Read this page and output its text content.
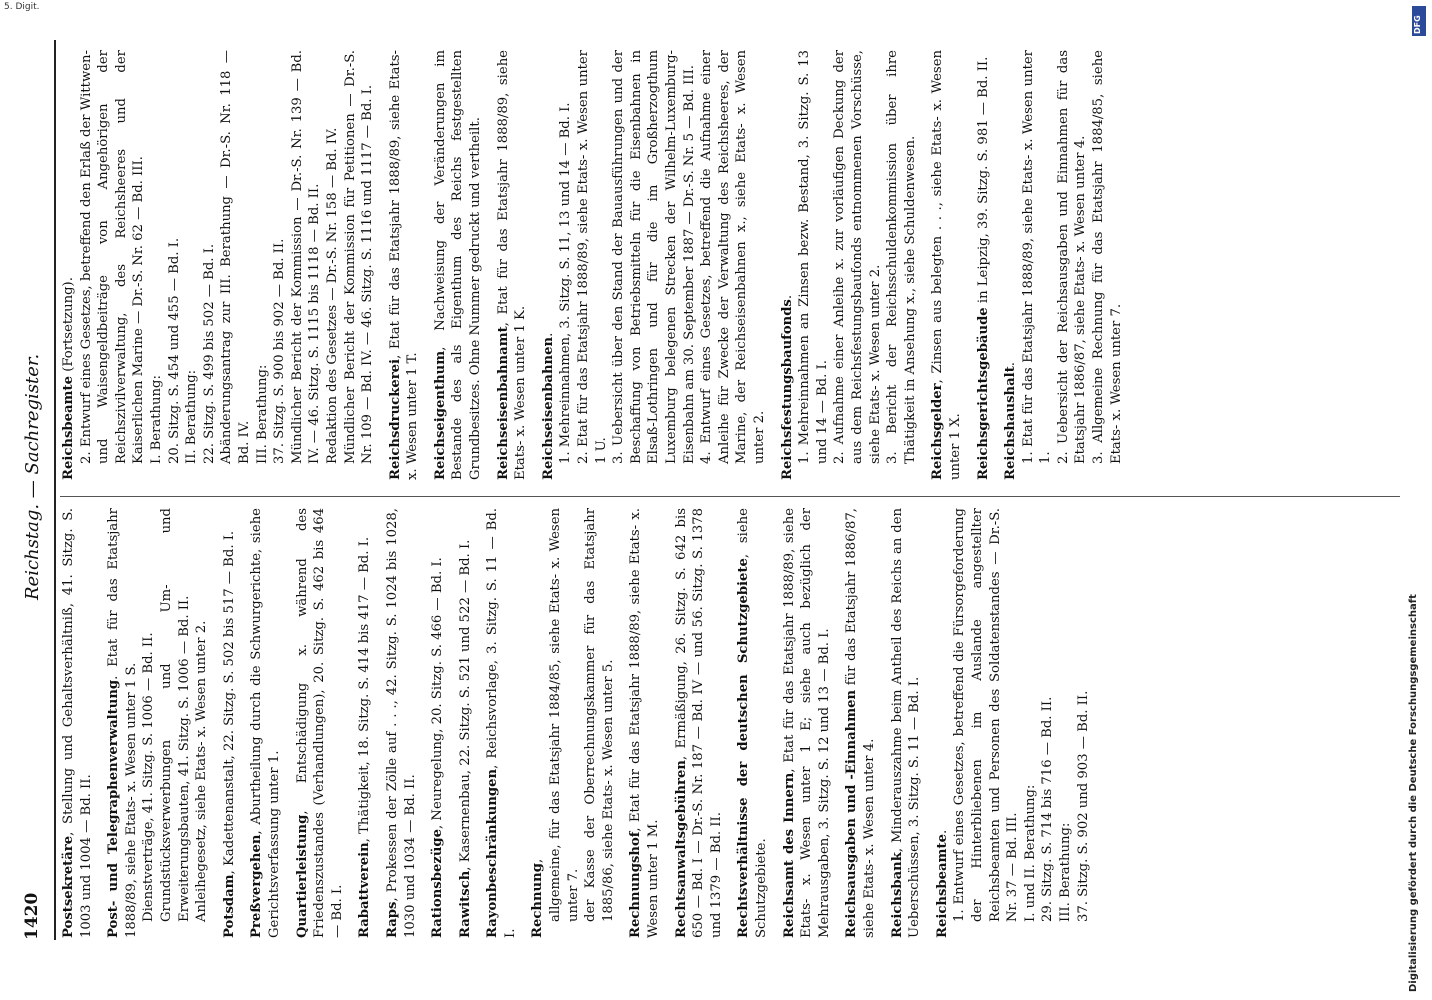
1420
Reichstag. — Sachregister.
Postsekretäre, Stellung und Gehaltsverhältniß, 41. Sitzg. S. 1003 und 1004 — Bd. II. Post- und Telegraphenverwaltung. Etat für das Etatsjahr 1888/89, siehe Etats- x. Wesen unter 1 S. Dienstverträge, 41. Sitzg. S. 1006 — Bd. II. Grundstücksverwerbungen und Um- und Erweiterungsbauten, 41. Sitzg. S. 1006 — Bd. II. Anleihegesetz, siehe Etats- x. Wesen unter 2. Potsdam, Kadettenanstalt, 22. Sitzg. S. 502 bis 517 — Bd. I.
Preßvergehen, Aburtheilung durch die Schwurgerichte, siehe Gerichtsverfassung unter 1. Quartierleistung, Entschädigung x. während des Friedenszustandes (Verhandlungen), 20. Sitzg. S. 462 bis 464 — Bd. I. Rabattverein, Thätigkeit, 18. Sitzg. S. 414 bis 417 — Bd. I.
Raps, Prokessen der Zölle auf . . ., 42. Sitzg. S. 1024 bis 1028, 1030 und 1034 — Bd. II. Rationsbezüge, Neuregelung, 20. Sitzg. S. 466 — Bd. I.
Rawitsch, Kasernenbau, 22. Sitzg. S. 521 und 522 — Bd. I. Rayonbeschränkungen, Reichsvorlage, 3. Sitzg. S. 11 — Bd. I. Rechnung, allgemeine, für das Etatsjahr 1884/85, siehe Etats- x. Wesen unter 7. der Kasse der Oberrechnungskammer für das Etatsjahr 1885/86, siehe Etats- x. Wesen unter 5. Rechnungshof, Etat für das Etatsjahr 1888/89, siehe Etats- x. Wesen unter 1 M. Rechtsanwaltsgebühren, Ermäßigung, 26. Sitzg. S. 642 bis 650 — Bd. I — Dr.-S. Nr. 187 — Bd. IV — und 56. Sitzg. S. 1378 und 1379 — Bd. II. Rechtsverhältnisse der deutschen Schutzgebiete, siehe Schutzgebiete. Reichsamt des Innern, Etat für das Etatsjahr 1888/89, siehe Etats- x. Wesen unter 1 E; siehe auch bezüglich der Mehrausgaben, 3. Sitzg. S. 12 und 13 — Bd. I. Reichsausgaben und -Einnahmen für das Etatsjahr 1886/87, siehe Etats- x. Wesen unter 4. Reichsbank, Minderauszahme beim Antheil des Reichs an den Ueberschüssen, 3. Sitzg. S. 11 — Bd. I. Reichsbeamte. 1. Entwurf eines Gesetzes, betreffend die Fürsorgeforderung der Hinterbliebenen im Auslande angestellter Reichsbeamten und Personen des Soldatenstandes — Dr.-S. Nr. 37 — Bd. III. I. und II. Berathung: 29. Sitzg. S. 714 bis 716 — Bd. II. III. Berathung: 37. Sitzg. S. 902 und 903 — Bd. II.
Reichsbeamte (Fortsetzung). 2. Entwurf eines Gesetzes, betreffend den Erlaß der Wittwen- und Waisengeldbeiträge von Angehörigen der Reichszivilverwaltung, des Reichsheeres und der Kaiserlichen Marine — Dr.-S. Nr. 62 — Bd. III. I. Berathung: 20. Sitzg. S. 454 und 455 — Bd. I. II. Berathung: 22. Sitzg. S. 499 bis 502 — Bd. I. Abänderungsantrag zur III. Berathung — Dr.-S. Nr. 118 — Bd. IV. III. Berathung: 37. Sitzg. S. 900 bis 902 — Bd. II. Mündlicher Bericht der Kommission — Dr.-S. Nr. 139 — Bd. IV. — 46. Sitzg. S. 1115 bis 1118 — Bd. II. Redaktion des Gesetzes — Dr.-S. Nr. 158 — Bd. IV. Mündlicher Bericht der Kommission für Petitionen — Dr.-S. Nr. 109 — Bd. IV. — 46. Sitzg. S. 1116 und 1117 — Bd. I. Reichsdruckerei, Etat für das Etatsjahr 1888/89, siehe Etats- x. Wesen unter 1 T. Reichseigenthum, Nachweisung der Veränderungen im Bestande des als Eigenthum des Reichs festgestellten Grundbesitzes. Ohne Nummer gedruckt und vertheilt. Reichseisenbahnamt, Etat für das Etatsjahr 1888/89, siehe Etats- x. Wesen unter 1 K. Reichseisenbahnen. 1. Mehreinnahmen, 3. Sitzg. S. 11, 13 und 14 — Bd. I. 2. Etat für das Etatsjahr 1888/89, siehe Etats- x. Wesen unter 1 U. 3. Uebersicht über den Stand der Bauausführungen und der Beschaffung von Betriebsmitteln für die Eisenbahnen in Elsaß-Lothringen und für die im Großherzogthum Luxemburg belegenen Strecken der Wilhelm-Luxemburg-Eisenbahn am 30. September 1887 — Dr.-S. Nr. 5 — Bd. III. 4. Entwurf eines Gesetzes, betreffend die Aufnahme einer Anleihe für Zwecke der Verwaltung des Reichsheeres, der Marine, der Reichseisenbahnen x., siehe Etats- x. Wesen unter 2. Reichsfestungsbaufonds. 1. Mehreinnahmen an Zinsen bezw. Bestand, 3. Sitzg. S. 13 und 14 — Bd. I. 2. Aufnahme einer Anleihe x. zur vorläufigen Deckung der aus dem Reichsfestungsbaufonds entnommenen Vorschüsse, siehe Etats- x. Wesen unter 2. 3. Bericht der Reichsschuldenkommission über ihre Thätigkeit in Ansehung x., siehe Schuldenwesen. Reichsgelder, Zinsen aus belegten . . ., siehe Etats- x. Wesen unter 1 X. Reichsgerichtsgebäude in Leipzig, 39. Sitzg. S. 981 — Bd. II.
Reichshaushalt. 1. Etat für das Etatsjahr 1888/89, siehe Etats- x. Wesen unter 1. 2. Uebersicht der Reichsausgaben und Einnahmen für das Etatsjahr 1886/87, siehe Etats- x. Wesen unter 4. 3. Allgemeine Rechnung für das Etatsjahr 1884/85, siehe Etats- x. Wesen unter 7.
Digitalisierung gefördert durch die Deutsche Forschungsgemeinschaft
DFG
5. Digit.
